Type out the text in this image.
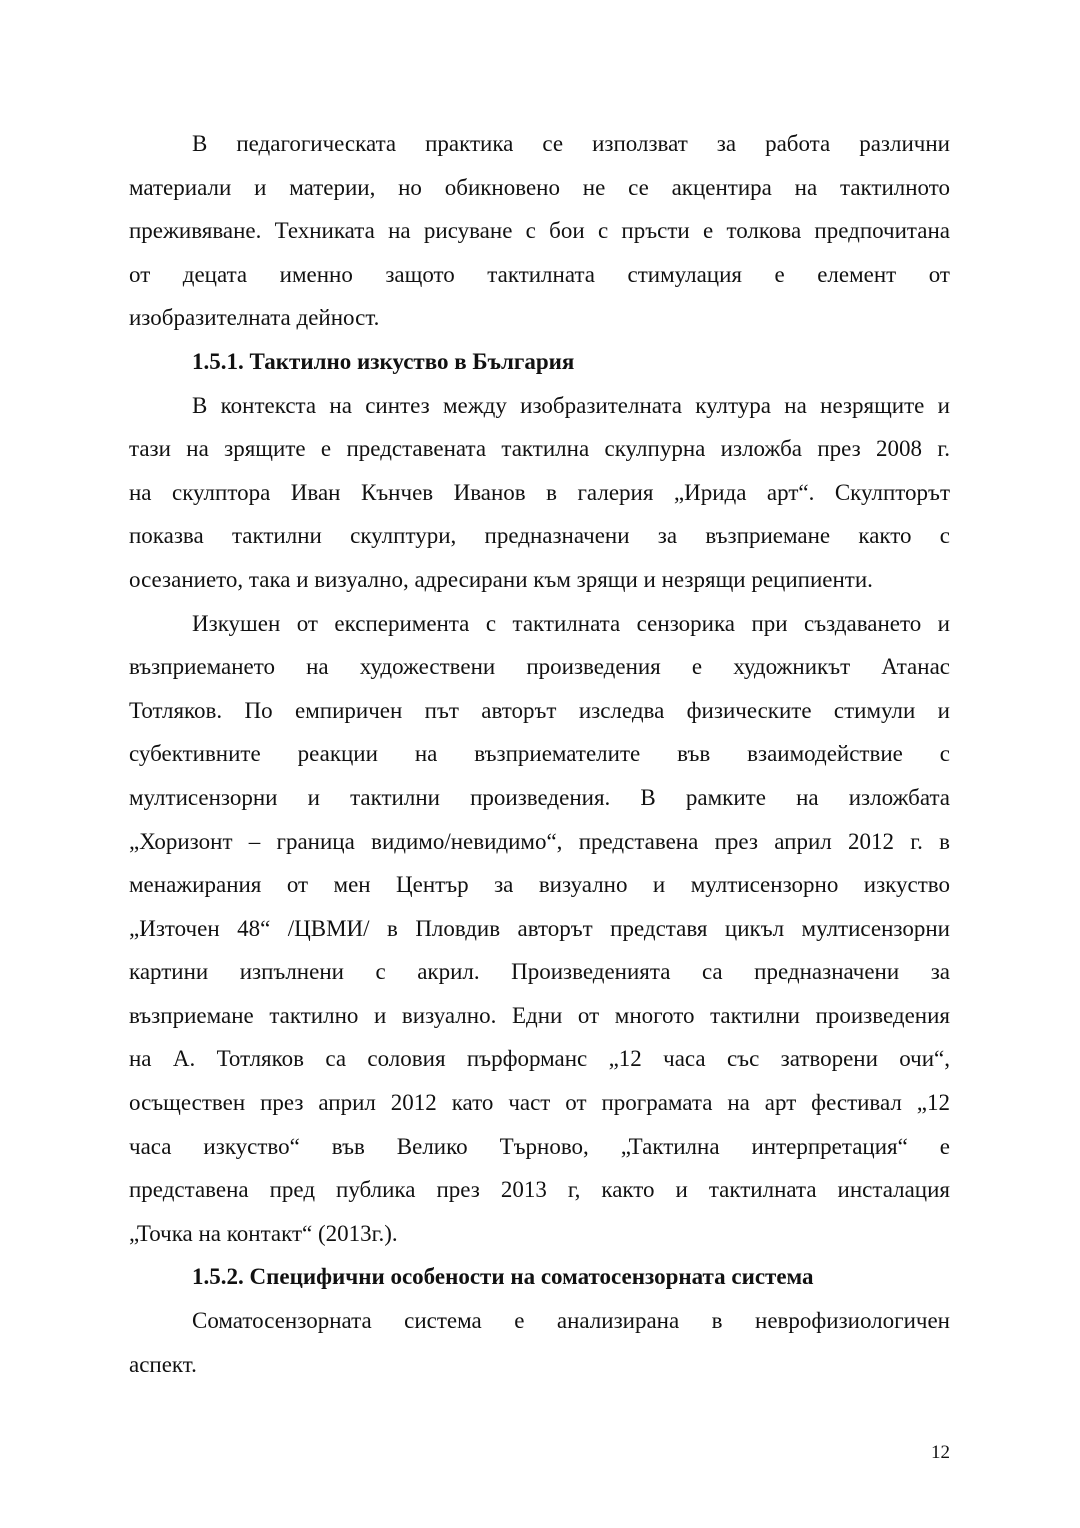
В педагогическата практика се използват за работа различни
материали и материи, но обикновено не се акцентира на тактилното
преживяване. Техниката на рисуване с бои с пръсти е толкова предпочитана
от децата именно защото тактилната стимулация е елемент от
изобразителната дейност.
1.5.1. Тактилно изкуство в България
В контекста на синтез между изобразителната култура на незрящите и
тази на зрящите е представената тактилна скулпурна изложба през 2008 г.
на скулптора Иван Кънчев Иванов в галерия „Ирида арт“. Скулпторът
показва тактилни скулптури, предназначени за възприемане както с
осезанието, така и визуално, адресирани към зрящи и незрящи реципиенти.
Изкушен от експеримента с тактилната сензорика при създаването и
възприемането на художествени произведения е художникът Атанас
Тотляков. По емпиричен път авторът изследва физическите стимули и
субективните реакции на възприемателите във взаимодействие с
мултисензорни и тактилни произведения. В рамките на изложбата
„Хоризонт – граница видимо/невидимо“, представена през април 2012 г. в
менажирания от мен Център за визуално и мултисензорно изкуство
„Източен 48“ /ЦВМИ/ в Пловдив авторът представя цикъл мултисензорни
картини изпълнени с акрил. Произведенията са предназначени за
възприемане тактилно и визуално. Едни от многото тактилни произведения
на А. Тотляков са соловия пърформанс „12 часа със затворени очи“,
осъществен през април 2012 като част от програмата на арт фестивал „12
часа изкуство“ във Велико Търново, „Тактилна интерпретация“ е
представена пред публика през 2013 г, както и тактилната инсталация
„Точка на контакт“ (2013г.).
1.5.2. Специфични особености на соматосензорната система
Соматосензорната система е анализирана в неврофизиологичен
аспект.
12
